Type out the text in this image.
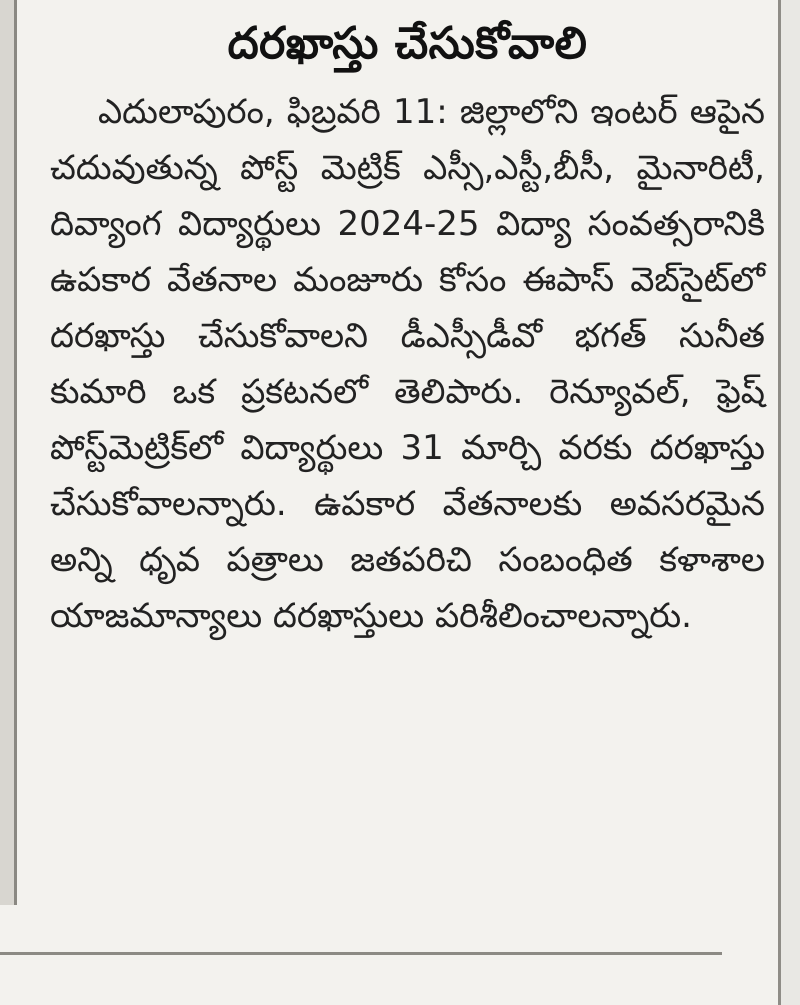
దరఖాస్తు చేసుకోవాలి

ఎదులాపురం, ఫిబ్రవరి 11: జిల్లాలోని ఇంటర్ ఆపైన చదువుతున్న పోస్ట్ మెట్రిక్ ఎస్సీ,ఎస్టీ,బీసీ, మైనారిటీ, దివ్యాంగ విద్యార్థులు 2024-25 విద్యా సంవత్సరానికి ఉపకార వేతనాల మంజూరు కోసం ఈపాస్ వెబ్‌సైట్‌లో దరఖాస్తు చేసుకోవాలని డీఎస్సీడీవో భగత్ సునీత కుమారి ఒక ప్రకటనలో తెలిపారు. రెన్యూవల్, ఫ్రెష్ పోస్ట్‌మెట్రిక్‌లో విద్యార్థులు 31 మార్చి వరకు దరఖాస్తు చేసుకోవాలన్నారు. ఉపకార వేతనాలకు అవసరమైన అన్ని ధృవ పత్రాలు జతపరిచి సంబంధిత కళాశాల యాజమాన్యాలు దరఖాస్తులు పరిశీలించాలన్నారు.
